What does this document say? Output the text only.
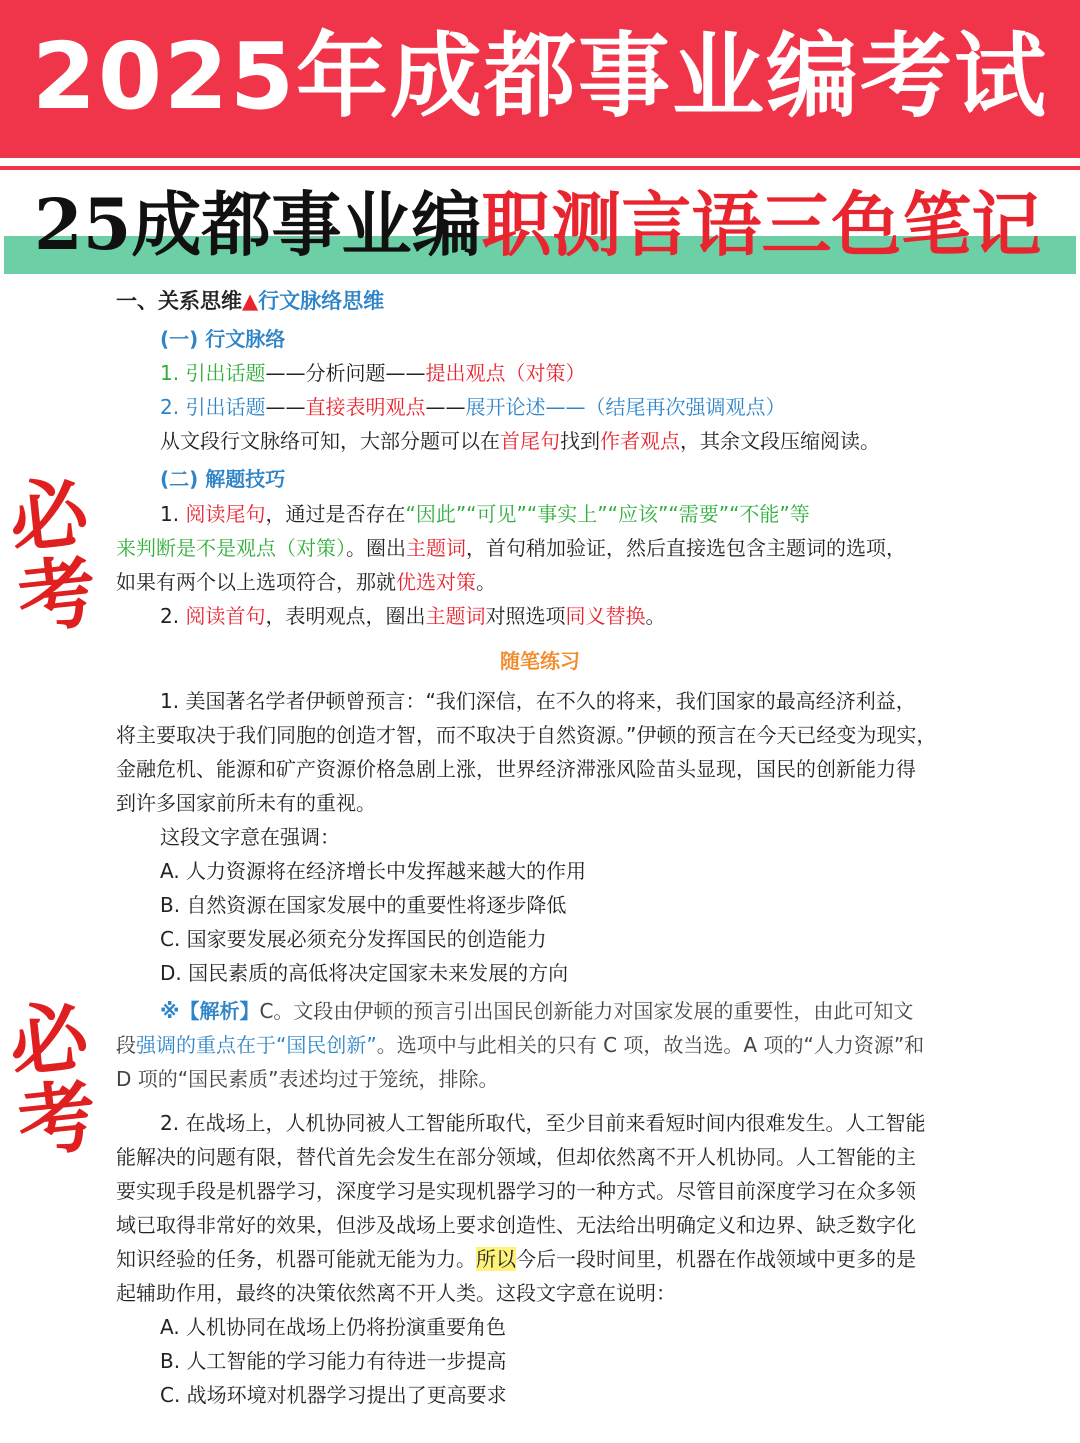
2025年成都事业编考试
25成都事业编职测言语三色笔记
必考
必考
一、关系思维▲行文脉络思维
(一) 行文脉络
1. 引出话题——分析问题——提出观点（对策）
2. 引出话题——直接表明观点——展开论述——（结尾再次强调观点）
从文段行文脉络可知，大部分题可以在首尾句找到作者观点，其余文段压缩阅读。
(二) 解题技巧
1. 阅读尾句，通过是否存在“因此”“可见”“事实上”“应该”“需要”“不能”等
来判断是不是观点（对策）。圈出主题词，首句稍加验证，然后直接选包含主题词的选项，
如果有两个以上选项符合，那就优选对策。
2. 阅读首句，表明观点，圈出主题词对照选项同义替换。
随笔练习
1. 美国著名学者伊顿曾预言：“我们深信，在不久的将来，我们国家的最高经济利益，
将主要取决于我们同胞的创造才智，而不取决于自然资源。”伊顿的预言在今天已经变为现实，
金融危机、能源和矿产资源价格急剧上涨，世界经济滞涨风险苗头显现，国民的创新能力得
到许多国家前所未有的重视。
这段文字意在强调：
A. 人力资源将在经济增长中发挥越来越大的作用
B. 自然资源在国家发展中的重要性将逐步降低
C. 国家要发展必须充分发挥国民的创造能力
D. 国民素质的高低将决定国家未来发展的方向
※【解析】C。文段由伊顿的预言引出国民创新能力对国家发展的重要性，由此可知文
段强调的重点在于“国民创新”。选项中与此相关的只有 C 项，故当选。A 项的“人力资源”和
D 项的“国民素质”表述均过于笼统，排除。
2. 在战场上，人机协同被人工智能所取代，至少目前来看短时间内很难发生。人工智能
能解决的问题有限，替代首先会发生在部分领域，但却依然离不开人机协同。人工智能的主
要实现手段是机器学习，深度学习是实现机器学习的一种方式。尽管目前深度学习在众多领
域已取得非常好的效果，但涉及战场上要求创造性、无法给出明确定义和边界、缺乏数字化
知识经验的任务，机器可能就无能为力。所以今后一段时间里，机器在作战领域中更多的是
起辅助作用，最终的决策依然离不开人类。这段文字意在说明：
A. 人机协同在战场上仍将扮演重要角色
B. 人工智能的学习能力有待进一步提高
C. 战场环境对机器学习提出了更高要求
